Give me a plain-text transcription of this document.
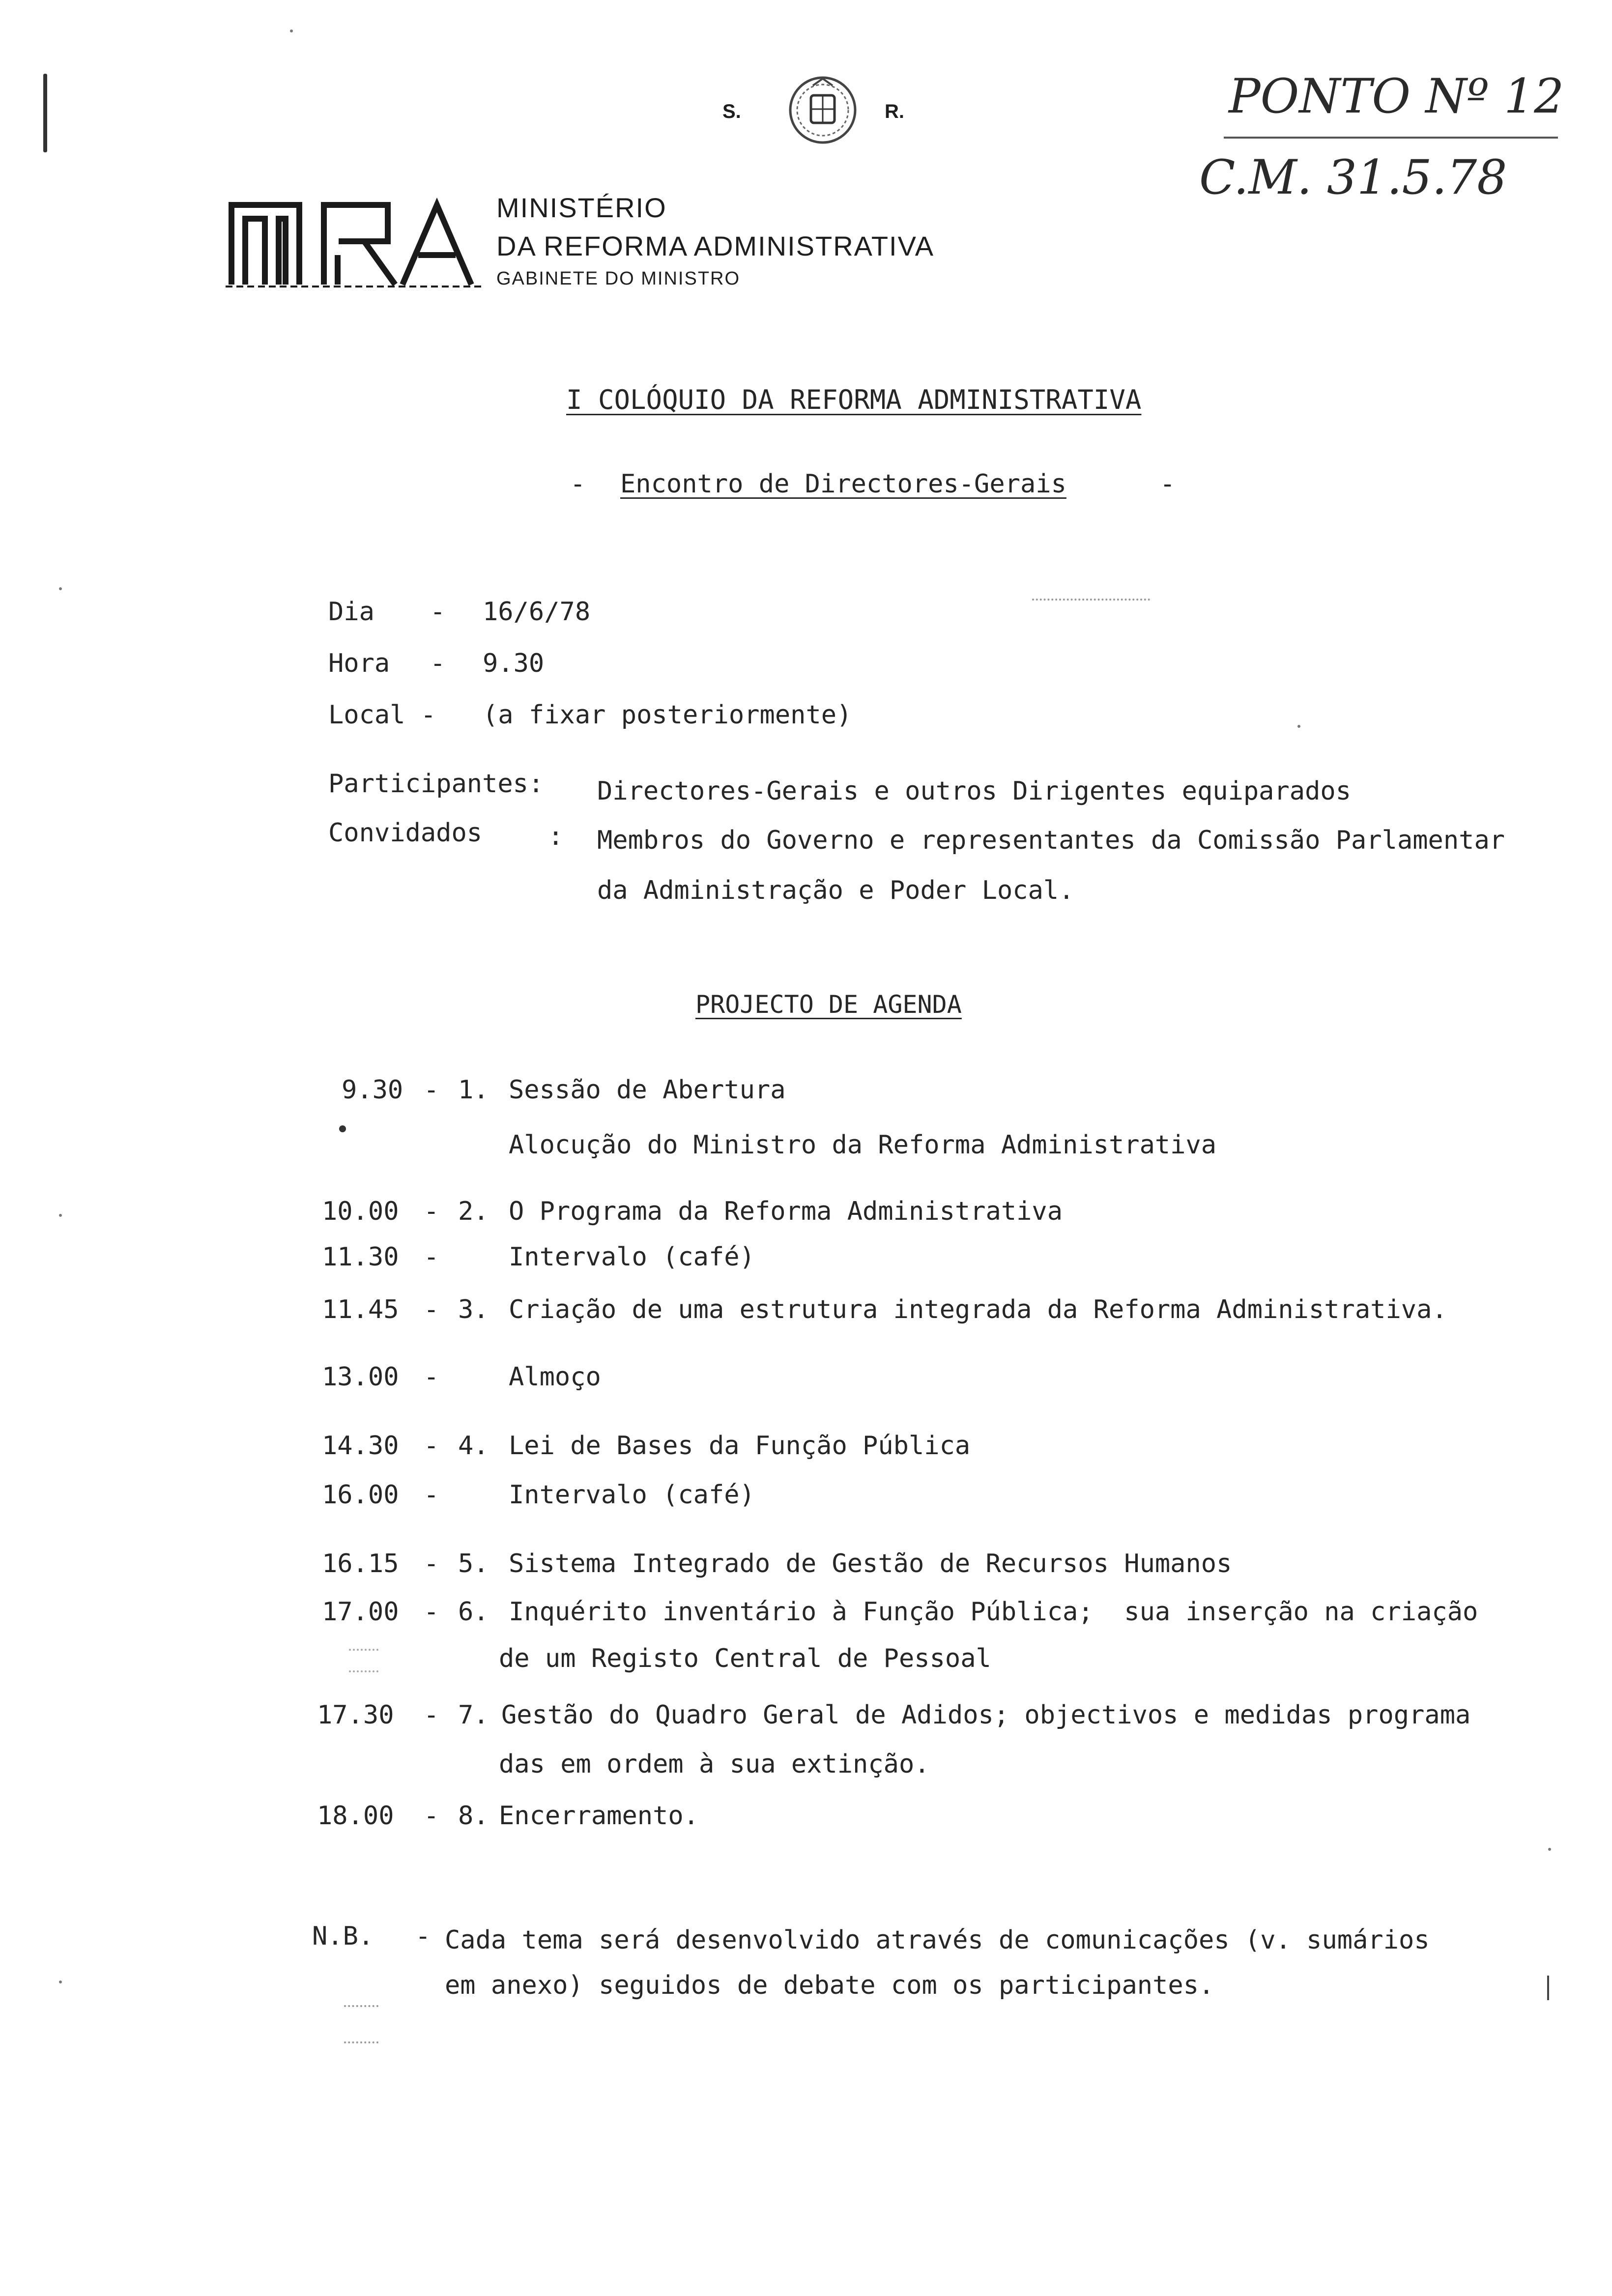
S.

	R.

MINISTÉRIO
DA REFORMA ADMINISTRATIVA
GABINETE DO MINISTRO
PONTO Nº 12
C.M. 31.5.78
I COLÓQUIO DA REFORMA ADMINISTRATIVA
- Encontro de Directores-Gerais	-
Dia - 16/6/78
Hora - 9.30
Local - (a fixar posteriormente)
Participantes: Directores-Gerais e outros Dirigentes equiparados
Convidados	: Membros do Governo e representantes da Comissão Parlamentar
da Administração e Poder Local.
PROJECTO DE AGENDA
9.30 - 1. Sessão de Abertura
Alocução do Ministro da Reforma Administrativa
10.00 - 2. O Programa da Reforma Administrativa
11.30 -	Intervalo (café)
11.45 - 3. Criação de uma estrutura integrada da Reforma Administrativa.
13.00 -	Almoço
14.30 - 4. Lei de Bases da Função Pública
16.00 -	Intervalo (café)
16.15 - 5. Sistema Integrado de Gestão de Recursos Humanos
17.00 - 6. Inquérito inventário à Função Pública;  sua inserção na criação
de um Registo Central de Pessoal
17.30 - 7. Gestão do Quadro Geral de Adidos; objectivos e medidas programa
das em ordem à sua extinção.
18.00 - 8. Encerramento.
N.B. - Cada tema será desenvolvido através de comunicações (v. sumários
em anexo) seguidos de debate com os participantes.
